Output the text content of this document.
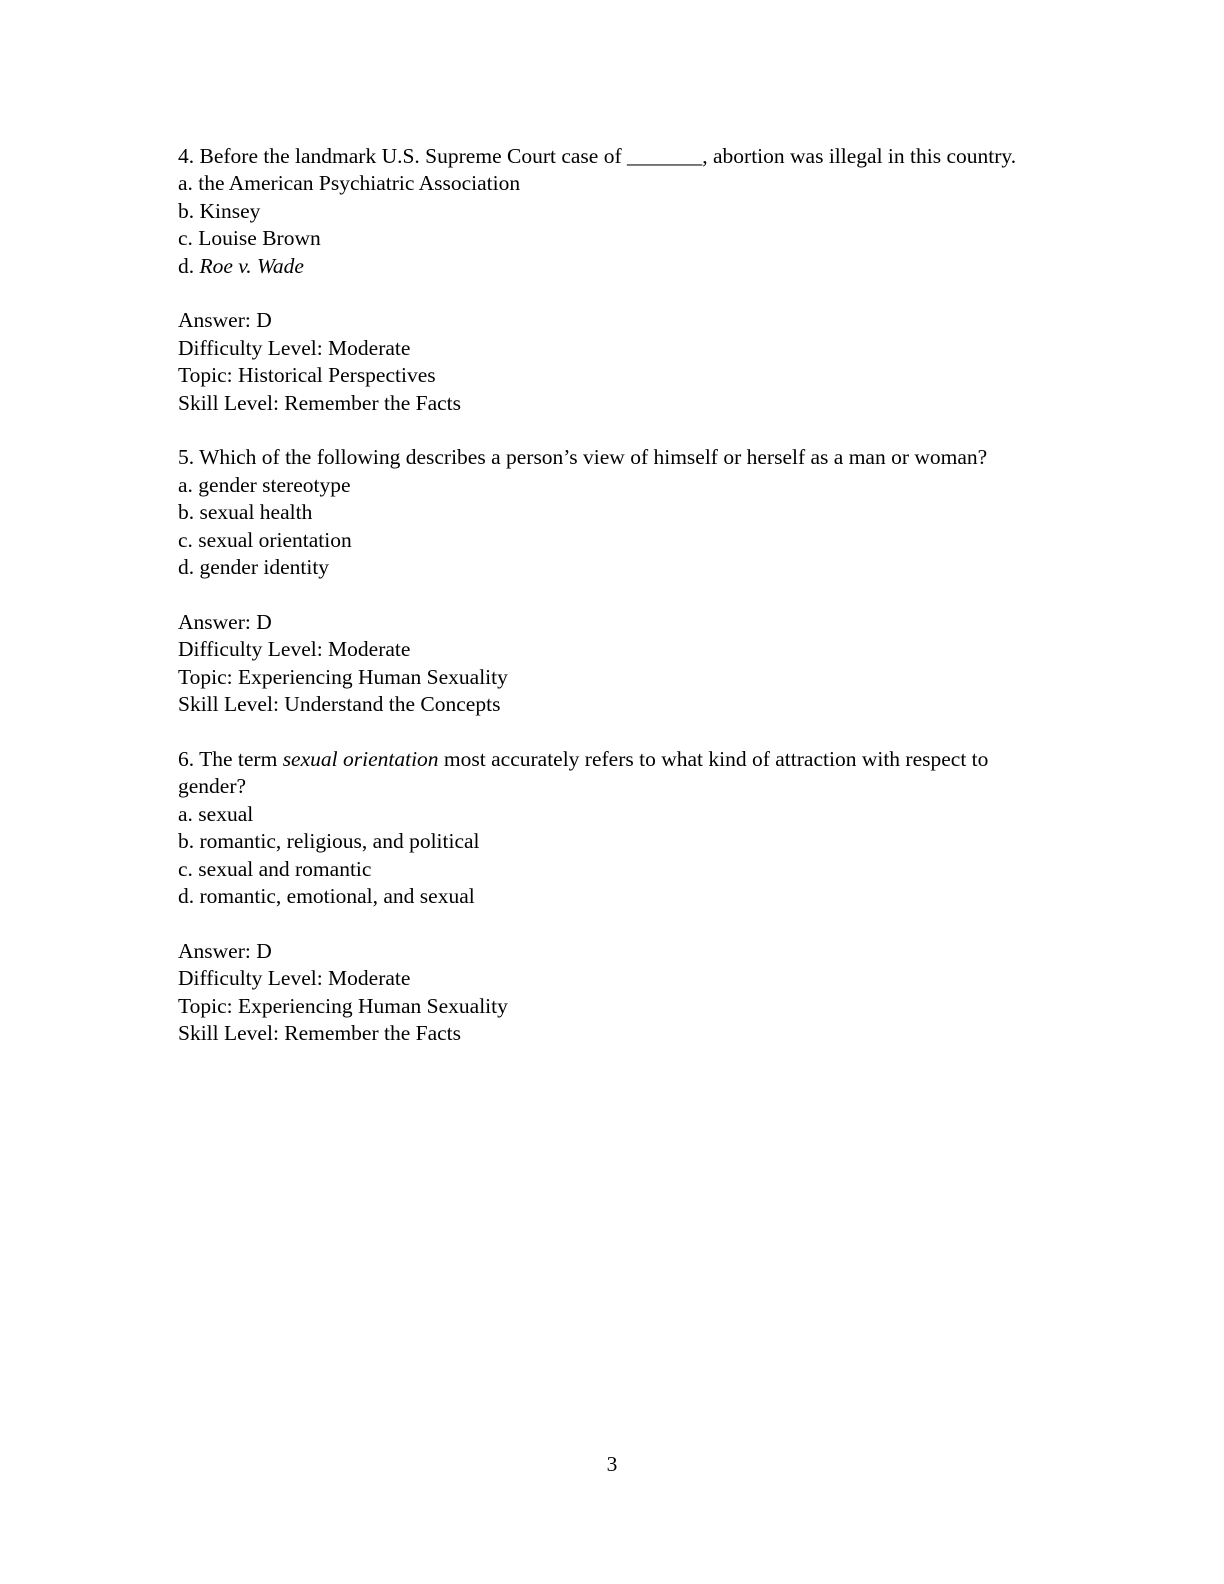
4. Before the landmark U.S. Supreme Court case of _______, abortion was illegal in this country.
a. the American Psychiatric Association
b. Kinsey
c. Louise Brown
d. Roe v. Wade
Answer: D
Difficulty Level: Moderate
Topic: Historical Perspectives
Skill Level: Remember the Facts
5. Which of the following describes a person’s view of himself or herself as a man or woman?
a. gender stereotype
b. sexual health
c. sexual orientation
d. gender identity
Answer: D
Difficulty Level: Moderate
Topic: Experiencing Human Sexuality
Skill Level: Understand the Concepts
6. The term sexual orientation most accurately refers to what kind of attraction with respect to gender?
a. sexual
b. romantic, religious, and political
c. sexual and romantic
d. romantic, emotional, and sexual
Answer: D
Difficulty Level: Moderate
Topic: Experiencing Human Sexuality
Skill Level: Remember the Facts
3
